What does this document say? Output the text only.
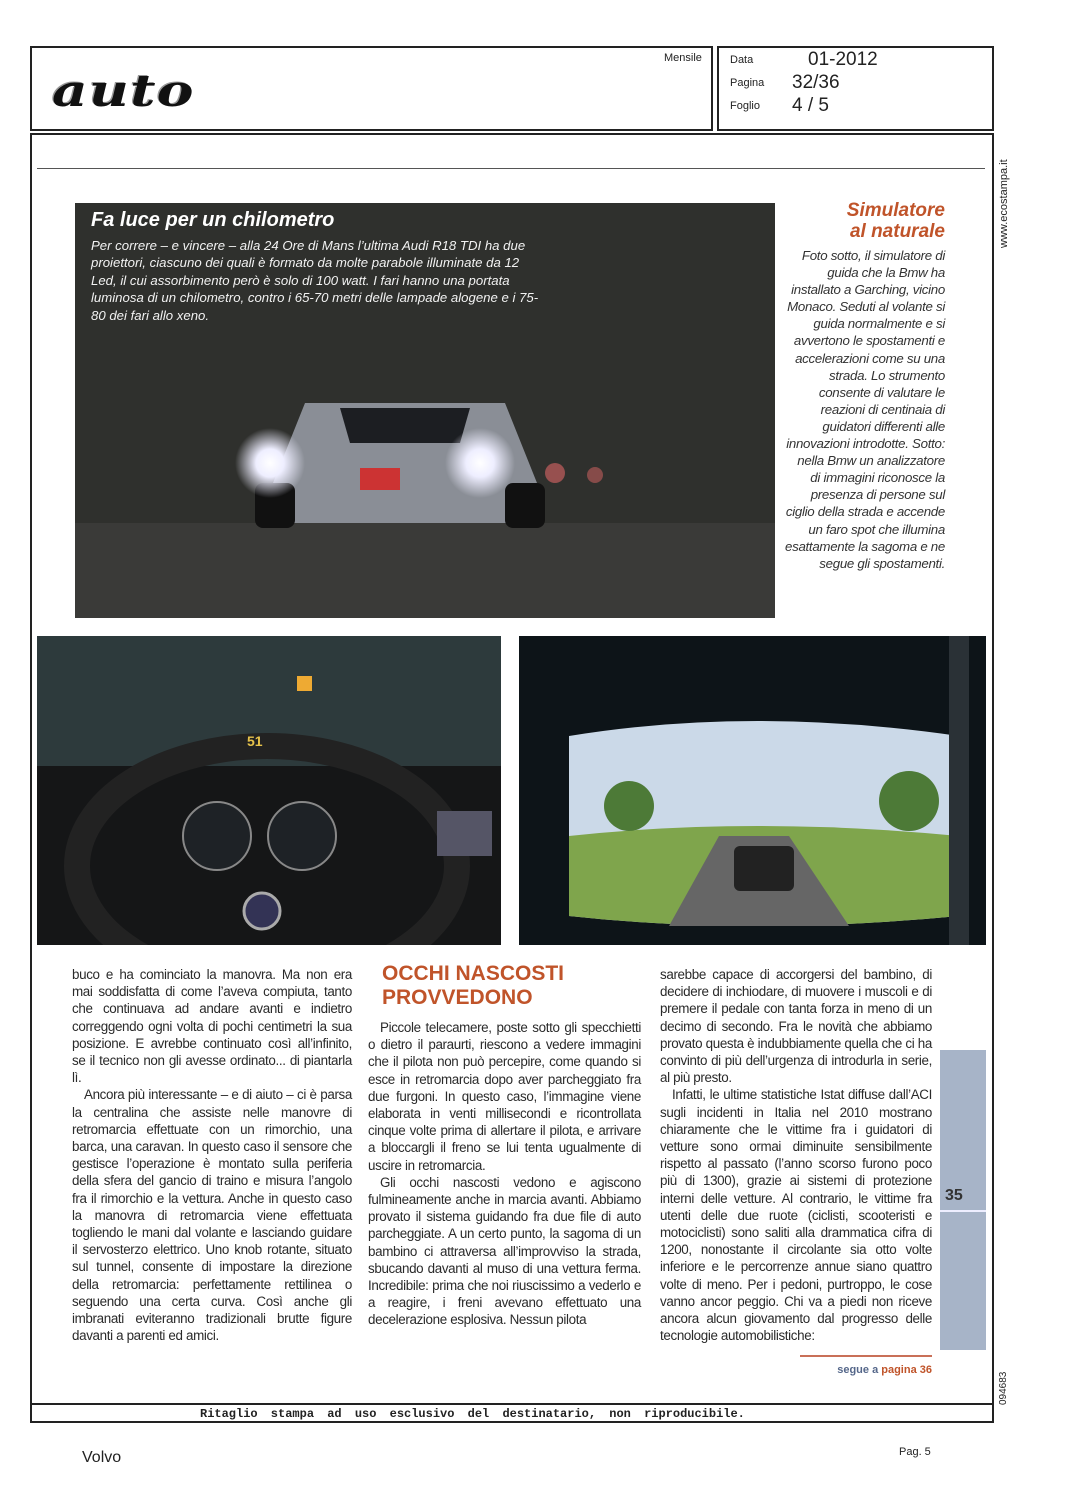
auto
Mensile	Data	01-2012
Pagina 32/36
Foglio 4 / 5
www.ecostampa.it
094683
Fa luce per un chilometro
Per correre – e vincere – alla 24 Ore di Mans l’ultima Audi R18 TDI ha due proiettori, ciascuno dei quali è formato da molte parabole illuminate da 12 Led, il cui assorbimento però è solo di 100 watt. I fari hanno una portata luminosa di un chilometro, contro i 65-70 metri delle lampade alogene e i 75-80 dei fari allo xeno.
Simulatore
al naturale
Foto sotto, il simulatore di guida che la Bmw ha installato a Garching, vicino Monaco. Seduti al volante si guida normalmente e si avvertono le spostamenti e accelerazioni come su una strada. Lo strumento consente di valutare le reazioni di centinaia di guidatori differenti alle innovazioni introdotte. Sotto: nella Bmw un analizzatore di immagini riconosce la presenza di persone sul ciglio della strada e accende un faro spot che illumina esattamente la sagoma e ne segue gli spostamenti.
51
OCCHI NASCOSTI PROVVEDONO

buco e ha cominciato la manovra. Ma non era mai soddisfatta di come l’aveva compiuta, tanto che continuava ad andare avanti e indietro correggendo ogni volta di pochi centimetri la sua posizione. E avrebbe continuato così all’infinito, se il tecnico non gli avesse ordinato... di piantarla lì.

Ancora più interessante – e di aiuto – ci è parsa la centralina che assiste nelle manovre di retromarcia effettuate con un rimorchio, una barca, una caravan. In questo caso il sensore che gestisce l’operazione è montato sulla periferia della sfera del gancio di traino e misura l’angolo fra il rimorchio e la vettura. Anche in questo caso la manovra di retromarcia viene effettuata togliendo le mani dal volante e lasciando guidare il servosterzo elettrico. Uno knob rotante, situato sul tunnel, consente di impostare la direzione della retromarcia: perfettamente rettilinea o seguendo una certa curva. Così anche gli imbranati eviteranno tradizionali brutte figure davanti a parenti ed amici.

Piccole telecamere, poste sotto gli specchietti o dietro il paraurti, riescono a vedere immagini che il pilota non può percepire, come quando si esce in retromarcia dopo aver parcheggiato fra due furgoni. In questo caso, l’immagine viene elaborata in venti millisecondi e ricontrollata cinque volte prima di allertare il pilota, e arrivare a bloccargli il freno se lui tenta ugualmente di uscire in retromarcia.

Gli occhi nascosti vedono e agiscono fulmineamente anche in marcia avanti. Abbiamo provato il sistema guidando fra due file di auto parcheggiate. A un certo punto, la sagoma di un bambino ci attraversa all’improvviso la strada, sbucando davanti al muso di una vettura ferma. Incredibile: prima che noi riuscissimo a vederlo e a reagire, i freni avevano effettuato una decelerazione esplosiva. Nessun pilota

sarebbe capace di accorgersi del bambino, di decidere di inchiodare, di muovere i muscoli e di premere il pedale con tanta forza in meno di un decimo di secondo. Fra le novità che abbiamo provato questa è indubbiamente quella che ci ha convinto di più dell’urgenza di introdurla in serie, al più presto.

Infatti, le ultime statistiche Istat diffuse dall’ACI sugli incidenti in Italia nel 2010 mostrano chiaramente che le vittime fra i guidatori di vetture sono ormai diminuite sensibilmente rispetto al passato (l’anno scorso furono poco più di 1300), grazie ai sistemi di protezione interni delle vetture. Al contrario, le vittime fra utenti delle due ruote (ciclisti, scooteristi e motociclisti) sono saliti alla drammatica cifra di 1200, nonostante il circolante sia otto volte inferiore e le percorrenze annue siano quattro volte di meno. Per i pedoni, purtroppo, le cose vanno ancor peggio. Chi va a piedi non riceve ancora alcun giovamento dal progresso delle tecnologie automobilistiche:

35
segue a pagina 36
Ritaglio stampa ad uso esclusivo del destinatario, non riproducibile.
Volvo	Pag. 5
